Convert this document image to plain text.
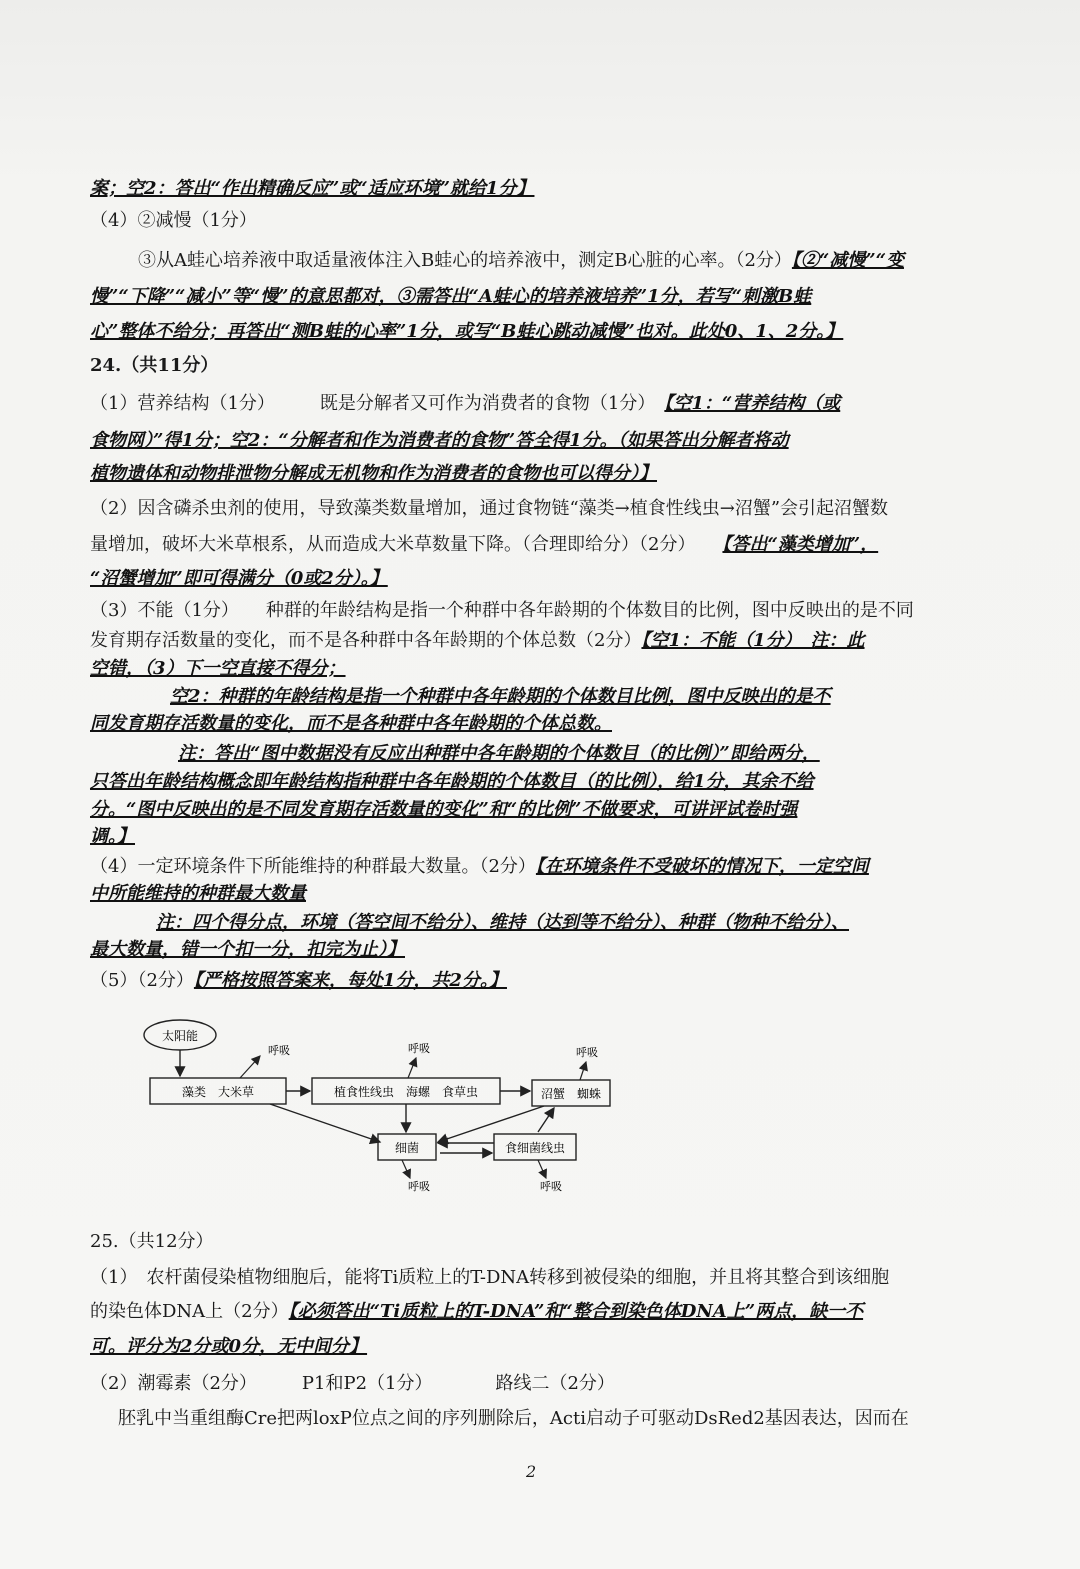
案；空2：答出“作出精确反应”或“适应环境”就给1分】
（4）②减慢（1分）
③从A蛙心培养液中取适量液体注入B蛙心的培养液中，测定B心脏的心率。（2分）【②“减慢”“变
慢”“下降”“减小”等“慢”的意思都对，③需答出“A蛙心的培养液培养”1分，若写“刺激B蛙
心”整体不给分；再答出“测B蛙的心率”1分，或写“B蛙心跳动减慢”也对。此处0、1、2分。】
24.（共11分）
（1）营养结构（1分）　　　	既是分解者又可作为消费者的食物（1分）　 【空1：“营养结构（或
食物网）”得1分；空2：“分解者和作为消费者的食物”答全得1分。（如果答出分解者将动
植物遗体和动物排泄物分解成无机物和作为消费者的食物也可以得分）】
（2）因含磷杀虫剂的使用，导致藻类数量增加，通过食物链“藻类→植食性线虫→沼蟹”会引起沼蟹数
量增加，破坏大米草根系，从而造成大米草数量下降。（合理即给分）（2分）　　 【答出“藻类增加”，
“沼蟹增加”即可得满分（0或2分）。】
（3）不能（1分）　　 种群的年龄结构是指一个种群中各年龄期的个体数目的比例，图中反映出的是不同
发育期存活数量的变化，而不是各种群中各年龄期的个体总数（2分）【空1：不能（1分）　注：此
空错，（3）下一空直接不得分；
空2：种群的年龄结构是指一个种群中各年龄期的个体数目比例，图中反映出的是不
同发育期存活数量的变化，而不是各种群中各年龄期的个体总数。
注：答出“图中数据没有反应出种群中各年龄期的个体数目（的比例）”即给两分，
只答出年龄结构概念即年龄结构指种群中各年龄期的个体数目（的比例），给1分，其余不给
分。“图中反映出的是不同发育期存活数量的变化”和“的比例”不做要求，可讲评试卷时强
调。】
（4）一定环境条件下所能维持的种群最大数量。（2分）【在环境条件不受破坏的情况下，一定空间
中所能维持的种群最大数量
注：四个得分点，环境（答空间不给分）、维持（达到等不给分）、种群（物种不给分）、
最大数量，错一个扣一分，扣完为止）】
（5）（2分）【严格按照答案来，每处1分，共2分。】
太阳能
藻类　大米草	植食性线虫　海螺　食草虫	沼蟹　蜘蛛
细菌	食细菌线虫
呼吸	呼吸	呼吸
呼吸	呼吸
25.（共12分）
（1）　农杆菌侵染植物细胞后，能将Ti质粒上的T-DNA转移到被侵染的细胞，并且将其整合到该细胞
的染色体DNA上（2分）【必须答出“Ti质粒上的T-DNA”和“整合到染色体DNA上”两点，缺一不
可。评分为2分或0分，无中间分】
（2）潮霉素（2分）　　　P1和P2（1分）　　　　路线二（2分）
胚乳中当重组酶Cre把两loxP位点之间的序列删除后，Acti启动子可驱动DsRed2基因表达，因而在
2
